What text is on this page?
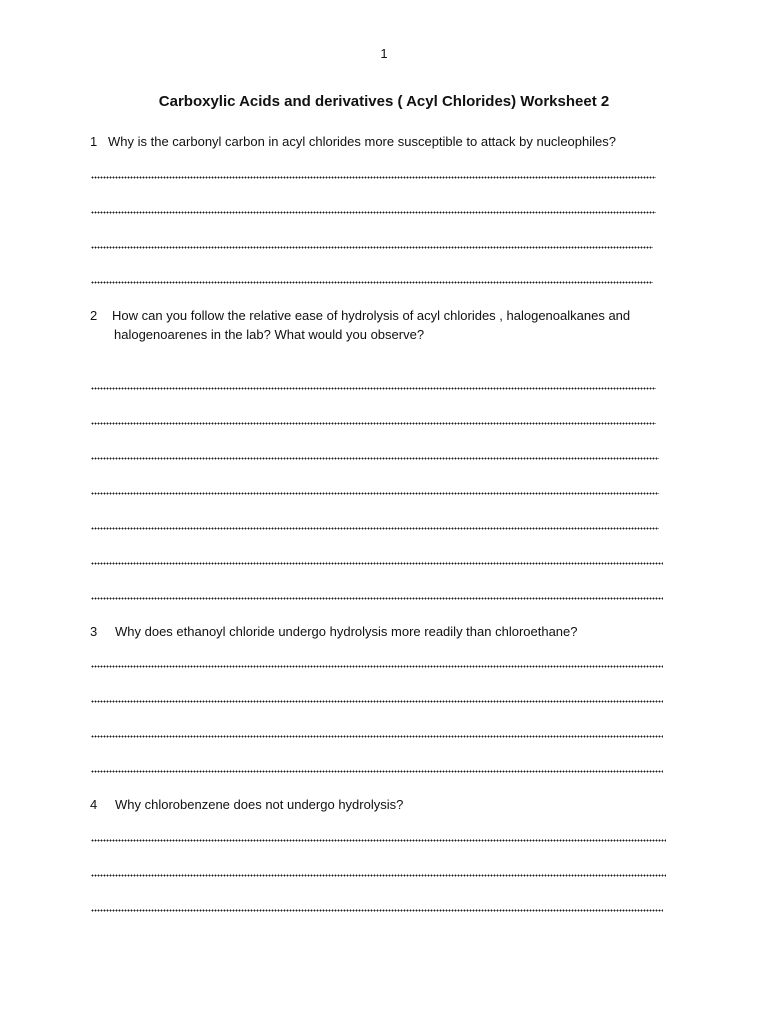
1
Carboxylic Acids and derivatives ( Acyl Chlorides) Worksheet 2
1 Why is the carbonyl carbon in acyl chlorides more susceptible to attack by nucleophiles?
2 How can you follow the relative ease of hydrolysis of acyl chlorides , halogenoalkanes and
halogenoarenes in the lab? What would you observe?
3 Why does ethanoyl chloride undergo hydrolysis more readily than chloroethane?
4 Why chlorobenzene does not undergo hydrolysis?
